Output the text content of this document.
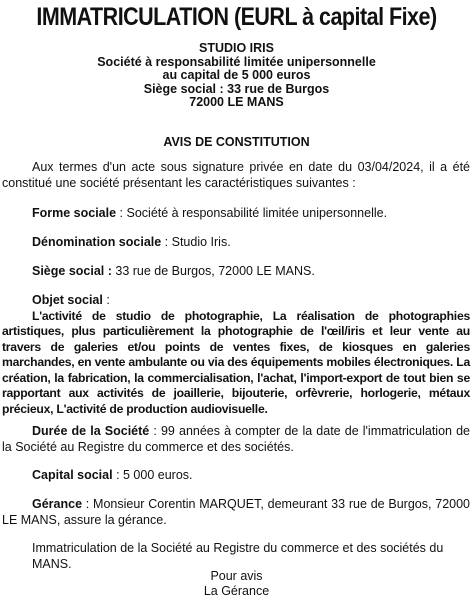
IMMATRICULATION (EURL à capital Fixe)
STUDIO IRIS
Société à responsabilité limitée unipersonnelle
au capital de 5 000 euros
Siège social : 33 rue de Burgos
72000 LE MANS
AVIS DE CONSTITUTION

Aux termes d'un acte sous signature privée en date du 03/04/2024, il a été constitué une société présentant les caractéristiques suivantes :

Forme sociale : Société à responsabilité limitée unipersonnelle.

Dénomination sociale : Studio Iris.

Siège social : 33 rue de Burgos, 72000 LE MANS.

Objet social :

L'activité de studio de photographie, La réalisation de photographies artistiques, plus particulièrement la photographie de l'œil/iris et leur vente au travers de galeries et/ou points de ventes fixes, de kiosques en galeries marchandes, en vente ambulante ou via des équipements mobiles électroniques. La création, la fabrication, la commercialisation, l'achat, l'import-export de tout bien se rapportant aux activités de joaillerie, bijouterie, orfèvrerie, horlogerie, métaux précieux, L'activité de production audiovisuelle.

Durée de la Société : 99 années à compter de la date de l'immatriculation de la Société au Registre du commerce et des sociétés.

Capital social : 5 000 euros.

Gérance : Monsieur Corentin MARQUET, demeurant 33 rue de Burgos, 72000 LE MANS, assure la gérance.

Immatriculation de la Société au Registre du commerce et des sociétés du MANS.

Pour avis
La Gérance
